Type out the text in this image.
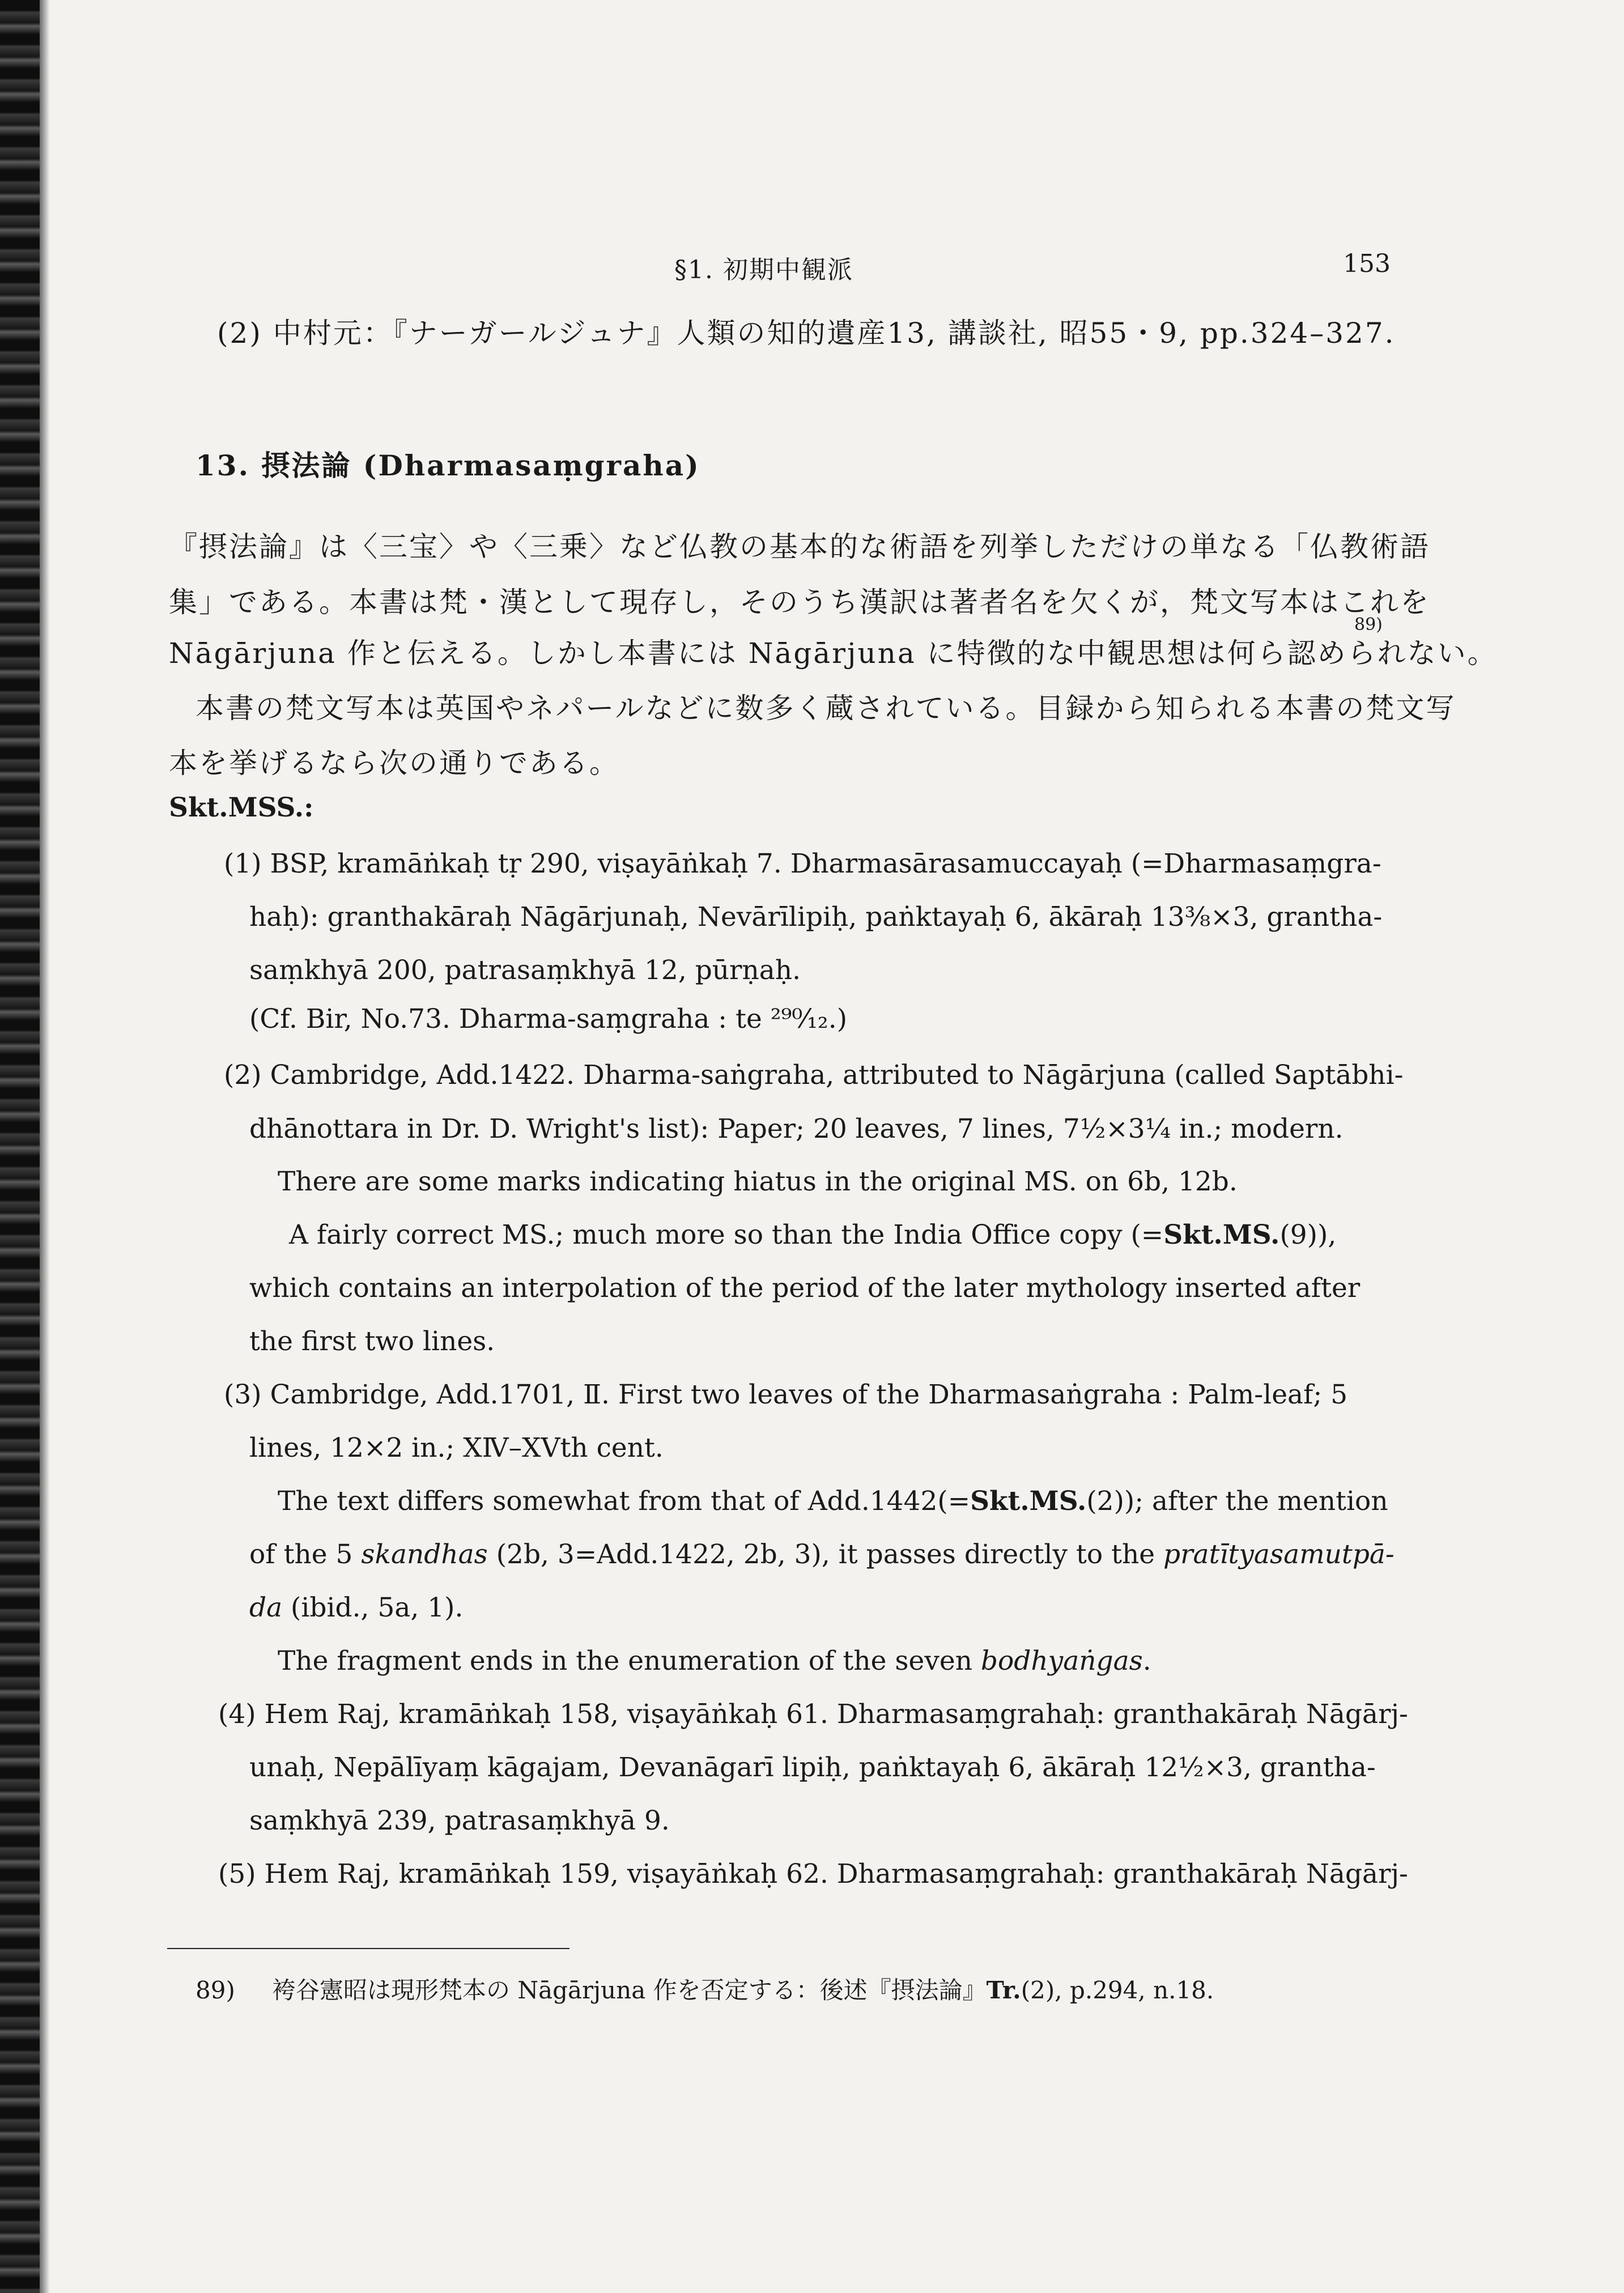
§1. 初期中観派	153
(2) 中村元：『ナーガールジュナ』人類の知的遺産13, 講談社, 昭55・9, pp.324–327.
13. 摂法論 (Dharmasaṃgraha)
『摂法論』は〈三宝〉や〈三乗〉など仏教の基本的な術語を列挙しただけの単なる「仏教術語
集」である。本書は梵・漢として現存し，そのうち漢訳は著者名を欠くが，梵文写本はこれを
89)
Nāgārjuna 作と伝える。しかし本書には Nāgārjuna に特徴的な中観思想は何ら認められない。
本書の梵文写本は英国やネパールなどに数多く蔵されている。目録から知られる本書の梵文写
本を挙げるなら次の通りである。
Skt.MSS.:
(1) BSP, kramāṅkaḥ tṛ 290, viṣayāṅkaḥ 7. Dharmasārasamuccayaḥ (=Dharmasaṃgra-
haḥ): granthakāraḥ Nāgārjunaḥ, Nevārīlipiḥ, paṅktayaḥ 6, ākāraḥ 13⅜×3, grantha-
saṃkhyā 200, patrasaṃkhyā 12, pūrṇaḥ.
(Cf. Bir, No.73. Dharma-saṃgraha : te ²⁹⁰⁄₁₂.)
(2) Cambridge, Add.1422. Dharma-saṅgraha, attributed to Nāgārjuna (called Saptābhi-
dhānottara in Dr. D. Wright's list): Paper; 20 leaves, 7 lines, 7½×3¼ in.; modern.
There are some marks indicating hiatus in the original MS. on 6b, 12b.
A fairly correct MS.; much more so than the India Office copy (=Skt.MS.(9)),
which contains an interpolation of the period of the later mythology inserted after
the first two lines.
(3) Cambridge, Add.1701, Ⅱ. First two leaves of the Dharmasaṅgraha : Palm-leaf; 5
lines, 12×2 in.; ⅩⅣ–ⅩⅤth cent.
The text differs somewhat from that of Add.1442(=Skt.MS.(2)); after the mention
of the 5 skandhas (2b, 3=Add.1422, 2b, 3), it passes directly to the pratītyasamutpā-
da (ibid., 5a, 1).
The fragment ends in the enumeration of the seven bodhyaṅgas.
(4) Hem Raj, kramāṅkaḥ 158, viṣayāṅkaḥ 61. Dharmasaṃgrahaḥ: granthakāraḥ Nāgārj-
unaḥ, Nepālīyaṃ kāgajam, Devanāgarī lipiḥ, paṅktayaḥ 6, ākāraḥ 12½×3, grantha-
saṃkhyā 239, patrasaṃkhyā 9.
(5) Hem Raj, kramāṅkaḥ 159, viṣayāṅkaḥ 62. Dharmasaṃgrahaḥ: granthakāraḥ Nāgārj-
89) 袴谷憲昭は現形梵本の Nāgārjuna 作を否定する：後述『摂法論』Tr.(2), p.294, n.18.
